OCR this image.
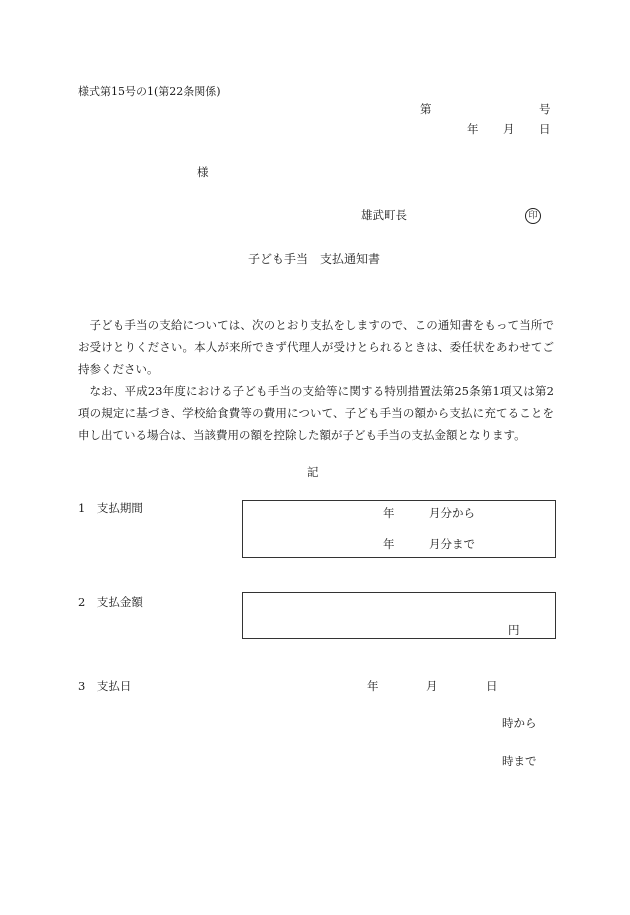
様式第15号の1(第22条関係)
第	号
年 月 日
様
雄武町長	印
子ども手当　支払通知書

子ども手当の支給については、次のとおり支払をしますので、この通知書をもって当所でお受けとりください。本人が来所できず代理人が受けとられるときは、委任状をあわせてご持参ください。

なお、平成23年度における子ども手当の支給等に関する特別措置法第25条第1項又は第2項の規定に基づき、学校給食費等の費用について、子ども手当の額から支払に充てることを申し出ている場合は、当該費用の額を控除した額が子ども手当の支払金額となります。

記
1　支払期間	年	月分から
年	月分まで
2　支払金額
円
3　支払日	年	月	日
時から
時まで
